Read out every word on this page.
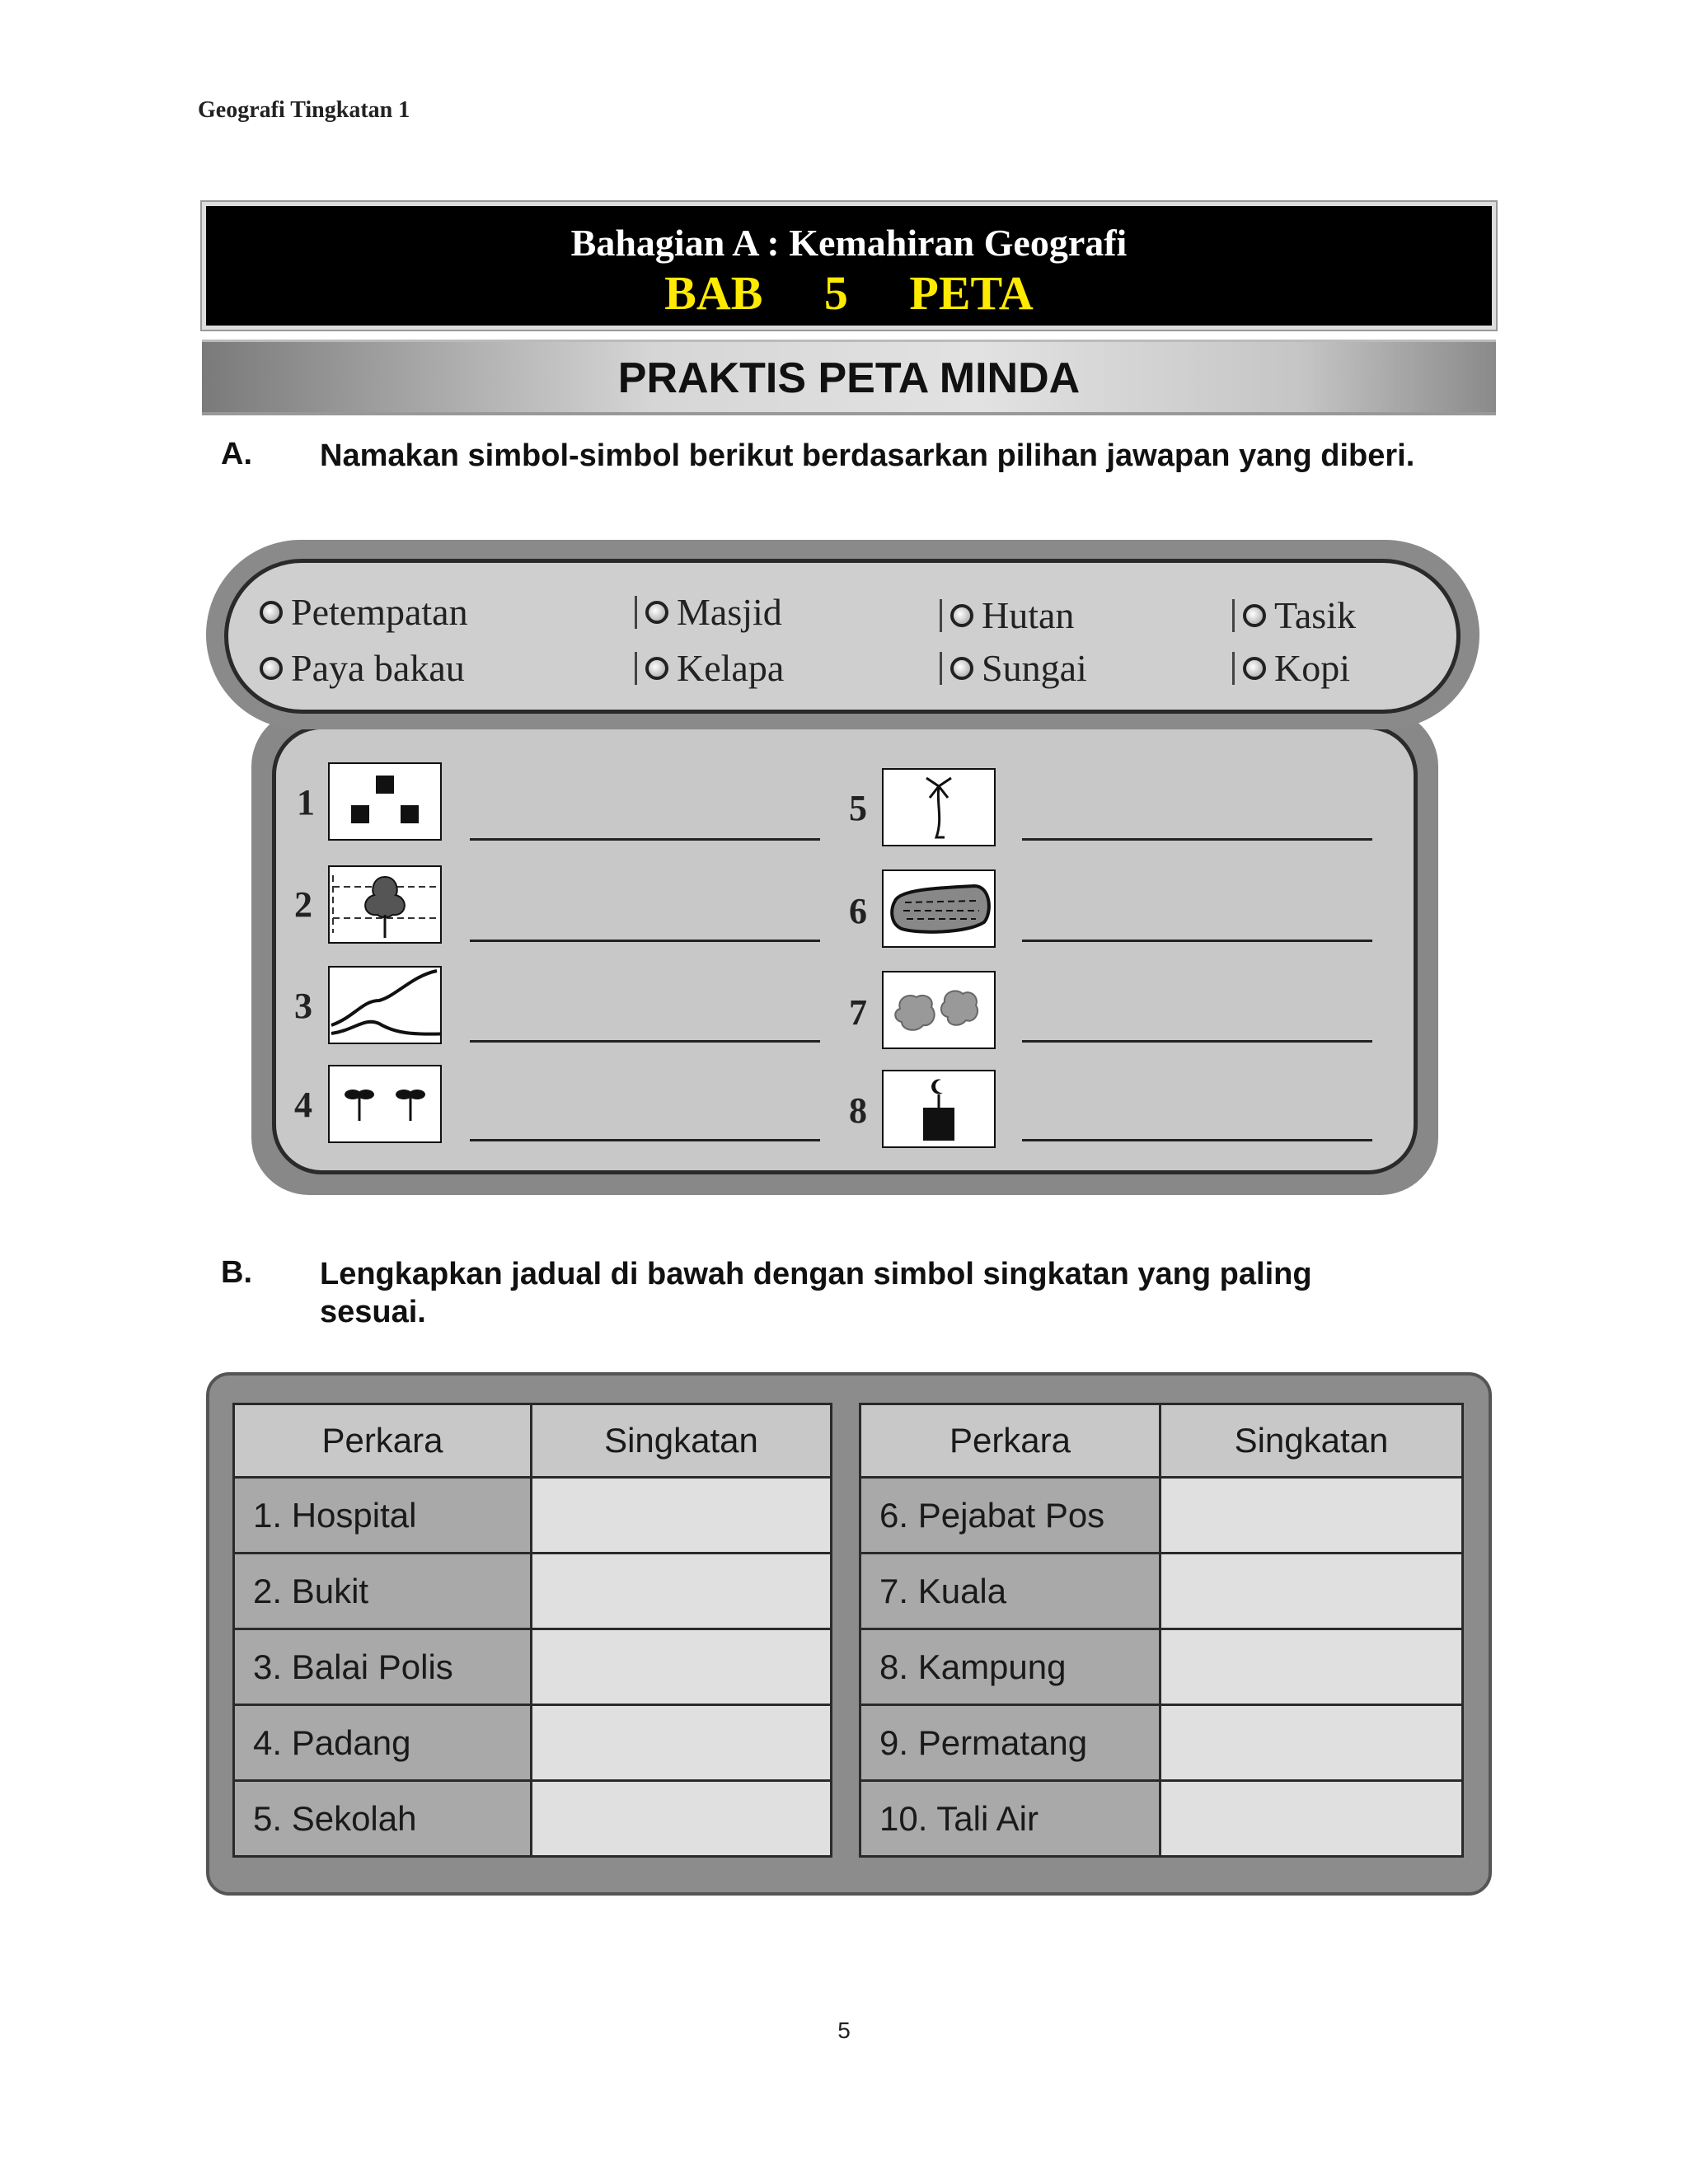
Geografi Tingkatan 1
Bahagian A : Kemahiran Geografi
BAB 5 PETA
PRAKTIS PETA MINDA
A. Namakan simbol-simbol berikut berdasarkan pilihan jawapan yang diberi.
Petempatan	Masjid	Hutan	Tasik
Paya bakau	Kelapa	Sungai	Kopi
1
2
3
4
5
6
7
8
B. Lengkapkan jadual di bawah dengan simbol singkatan yang paling sesuai.
Perkara	Singkatan
1. Hospital	
2. Bukit	
3. Balai Polis	
4. Padang	
5. Sekolah	
Perkara	Singkatan
6. Pejabat Pos	
7. Kuala	
8. Kampung	
9. Permatang	
10. Tali Air	
5
